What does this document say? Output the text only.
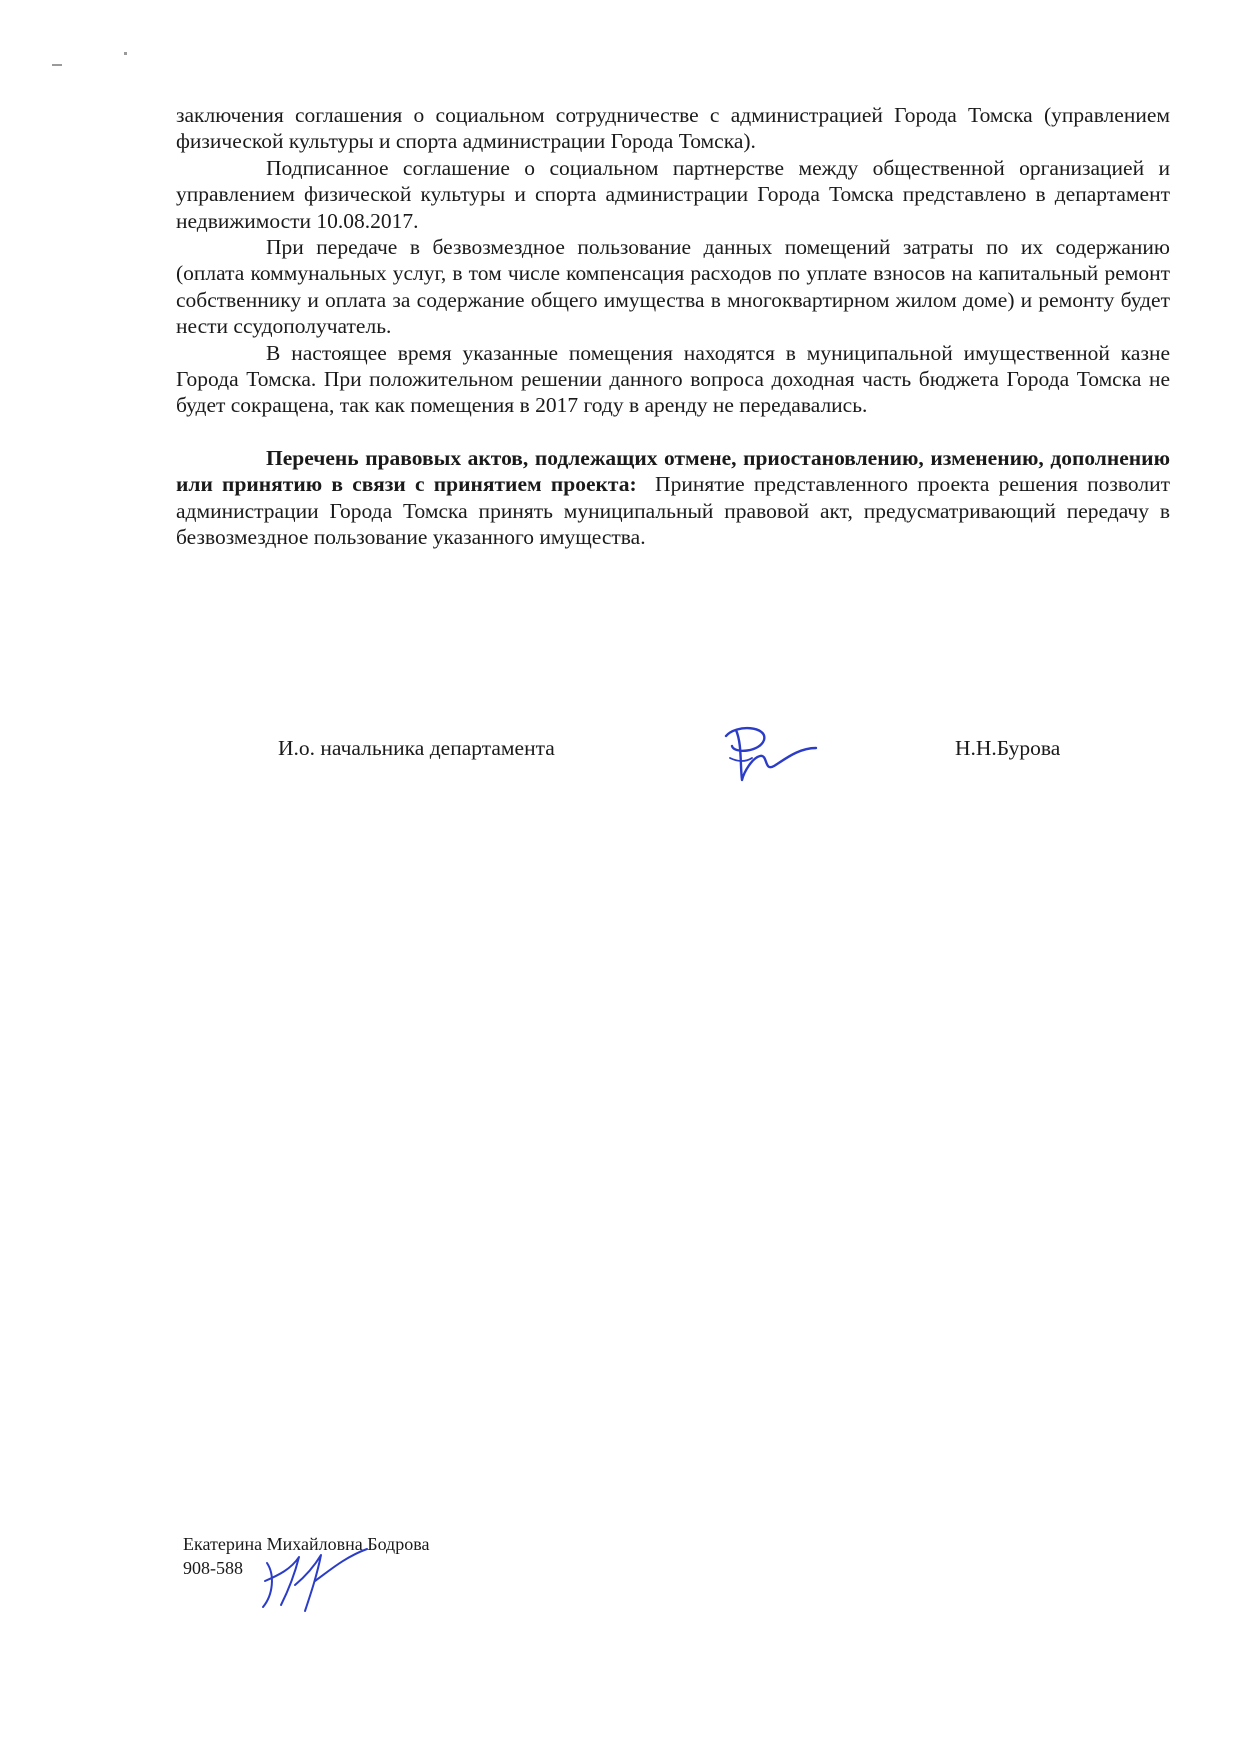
заключения соглашения о социальном сотрудничестве с администрацией Города Томска (управлением физической культуры и спорта администрации Города Томска).

Подписанное соглашение о социальном партнерстве между общественной организацией и управлением физической культуры и спорта администрации Города Томска представлено в департамент недвижимости 10.08.2017.

При передаче в безвозмездное пользование данных помещений затраты по их содержанию (оплата коммунальных услуг, в том числе компенсация расходов по уплате взносов на капитальный ремонт собственнику и оплата за содержание общего имущества в многоквартирном жилом доме) и ремонту будет нести ссудополучатель.

В настоящее время указанные помещения находятся в муниципальной имущественной казне Города Томска. При положительном решении данного вопроса доходная часть бюджета Города Томска не будет сокращена, так как помещения в 2017 году в аренду не передавались.

Перечень правовых актов, подлежащих отмене, приостановлению, изменению, дополнению или принятию в связи с принятием проекта: Принятие представленного проекта решения позволит администрации Города Томска принять муниципальный правовой акт, предусматривающий передачу в безвозмездное пользование указанного имущества.

И.о. начальника департамента	Н.Н.Бурова
Екатерина Михайловна Бодрова
908-588
